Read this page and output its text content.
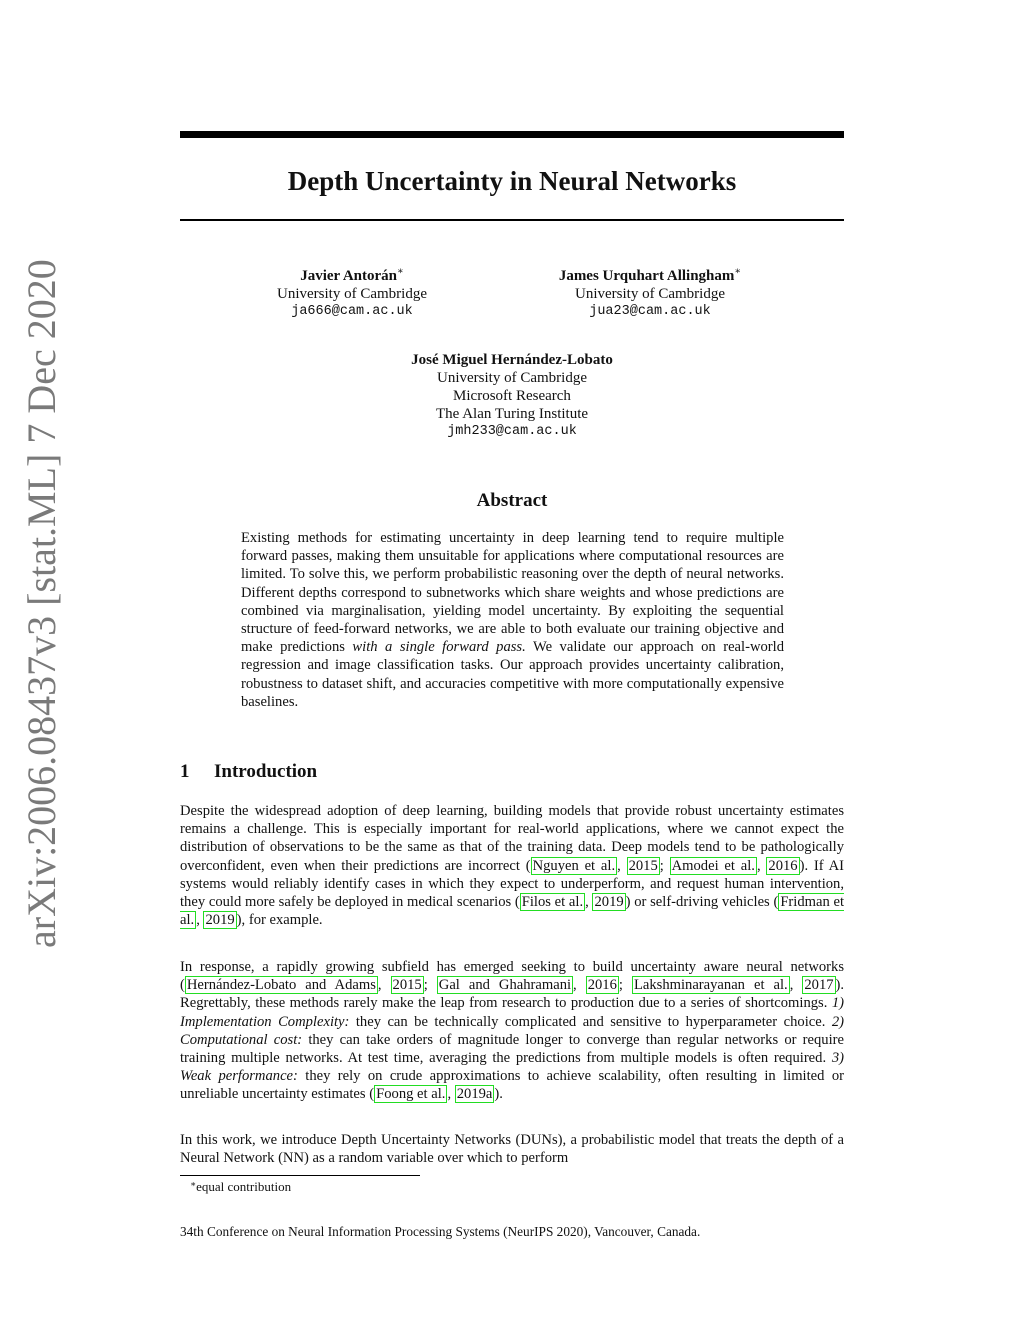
arXiv:2006.08437v3 [stat.ML] 7 Dec 2020
Depth Uncertainty in Neural Networks
Javier Antorán∗
University of Cambridge
ja666@cam.ac.uk
James Urquhart Allingham∗
University of Cambridge
jua23@cam.ac.uk
José Miguel Hernández-Lobato
University of Cambridge
Microsoft Research
The Alan Turing Institute
jmh233@cam.ac.uk
Abstract
Existing methods for estimating uncertainty in deep learning tend to require multiple forward passes, making them unsuitable for applications where computational resources are limited. To solve this, we perform probabilistic reasoning over the depth of neural networks. Different depths correspond to subnetworks which share weights and whose predictions are combined via marginalisation, yielding model uncertainty. By exploiting the sequential structure of feed-forward networks, we are able to both evaluate our training objective and make predictions with a single forward pass. We validate our approach on real-world regression and image classification tasks. Our approach provides uncertainty calibration, robustness to dataset shift, and accuracies competitive with more computationally expensive baselines.
1 Introduction
Despite the widespread adoption of deep learning, building models that provide robust uncertainty estimates remains a challenge. This is especially important for real-world applications, where we cannot expect the distribution of observations to be the same as that of the training data. Deep models tend to be pathologically overconfident, even when their predictions are incorrect ( Nguyen et al. , 2015 ; Amodei et al. , 2016 ). If AI systems would reliably identify cases in which they expect to underperform, and request human intervention, they could more safely be deployed in medical scenarios ( Filos et al. , 2019 ) or self-driving vehicles ( Fridman et al. , 2019 ), for example.
In response, a rapidly growing subfield has emerged seeking to build uncertainty aware neural networks ( Hernández-Lobato and Adams , 2015 ; Gal and Ghahramani , 2016 ; Lakshminarayanan et al. , 2017 ). Regrettably, these methods rarely make the leap from research to production due to a series of shortcomings. 1) Implementation Complexity: they can be technically complicated and sensitive to hyperparameter choice. 2) Computational cost: they can take orders of magnitude longer to converge than regular networks or require training multiple networks. At test time, averaging the predictions from multiple models is often required. 3) Weak performance: they rely on crude approximations to achieve scalability, often resulting in limited or unreliable uncertainty estimates ( Foong et al. , 2019a ).
In this work, we introduce Depth Uncertainty Networks (DUNs), a probabilistic model that treats the depth of a Neural Network (NN) as a random variable over which to perform
∗equal contribution
34th Conference on Neural Information Processing Systems (NeurIPS 2020), Vancouver, Canada.
